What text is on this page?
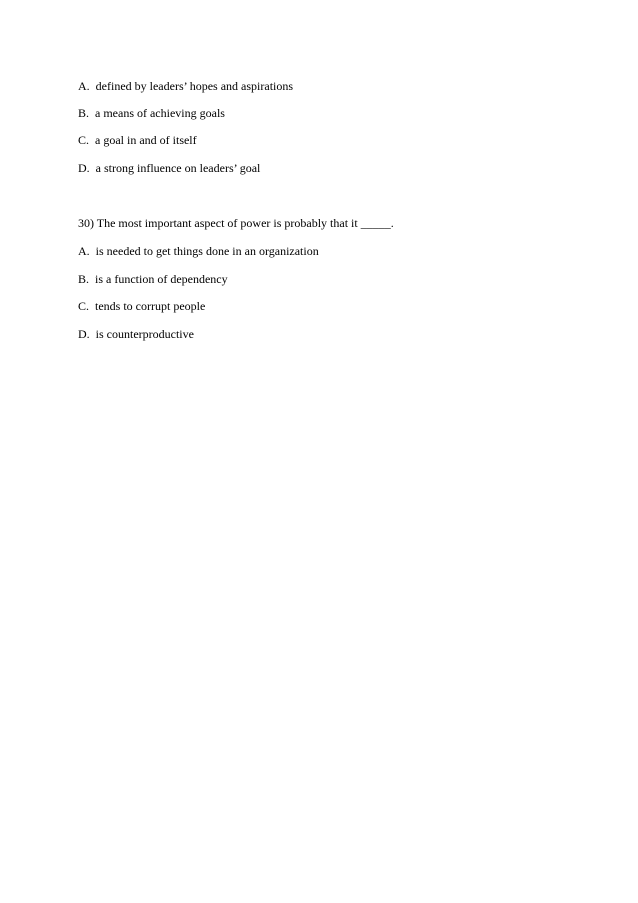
A.  defined by leaders’ hopes and aspirations
B.  a means of achieving goals
C.  a goal in and of itself
D.  a strong influence on leaders’ goal
30) The most important aspect of power is probably that it _____.
A.  is needed to get things done in an organization
B.  is a function of dependency
C.  tends to corrupt people
D.  is counterproductive
